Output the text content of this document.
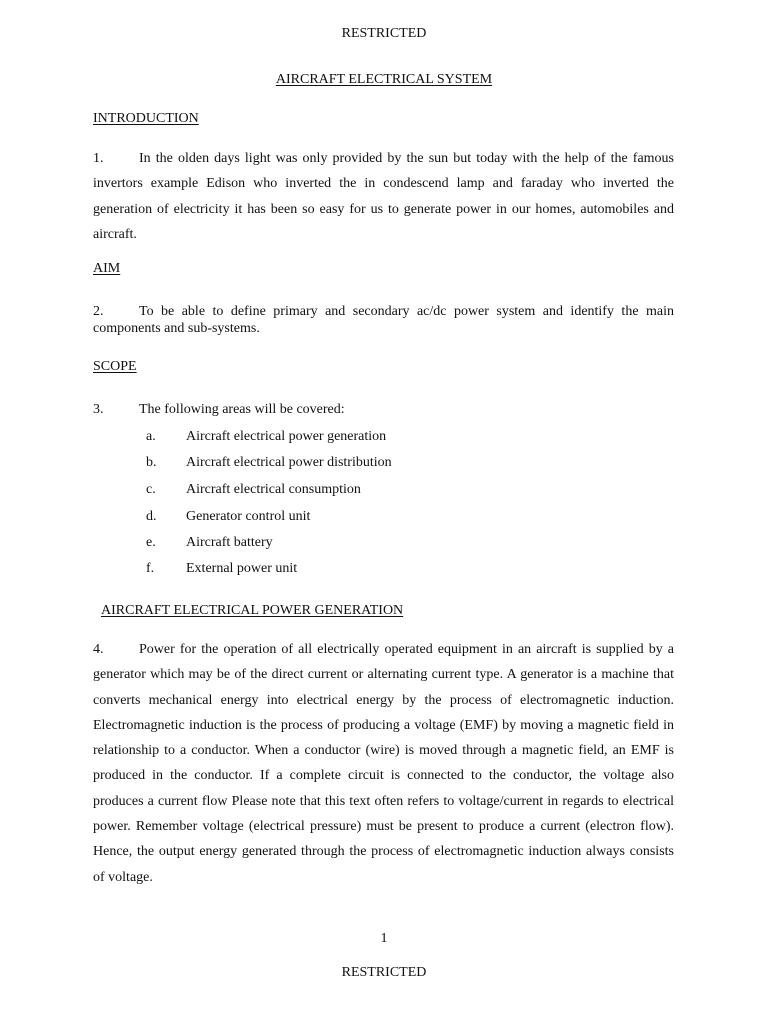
RESTRICTED
AIRCRAFT ELECTRICAL SYSTEM
INTRODUCTION
1.	In the olden days light was only provided by the sun but today with the help of the famous invertors example Edison who inverted the in condescend lamp and faraday who inverted the generation of electricity it has been so easy for us to generate power in our homes, automobiles and aircraft.
AIM
2.	To be able to define primary and secondary ac/dc power system and identify the main components and sub-systems.
SCOPE
3.	The following areas will be covered:
a. Aircraft electrical power generation
b. Aircraft electrical power distribution
c. Aircraft electrical consumption
d. Generator control unit
e. Aircraft battery
f. External power unit
AIRCRAFT ELECTRICAL POWER GENERATION
4.	Power for the operation of all electrically operated equipment in an aircraft is supplied by a generator which may be of the direct current or alternating current type. A generator is a machine that converts mechanical energy into electrical energy by the process of electromagnetic induction. Electromagnetic induction is the process of producing a voltage (EMF) by moving a magnetic field in relationship to a conductor. When a conductor (wire) is moved through a magnetic field, an EMF is produced in the conductor. If a complete circuit is connected to the conductor, the voltage also produces a current flow Please note that this text often refers to voltage/current in regards to electrical power. Remember voltage (electrical pressure) must be present to produce a current (electron flow). Hence, the output energy generated through the process of electromagnetic induction always consists of voltage.
1
RESTRICTED
